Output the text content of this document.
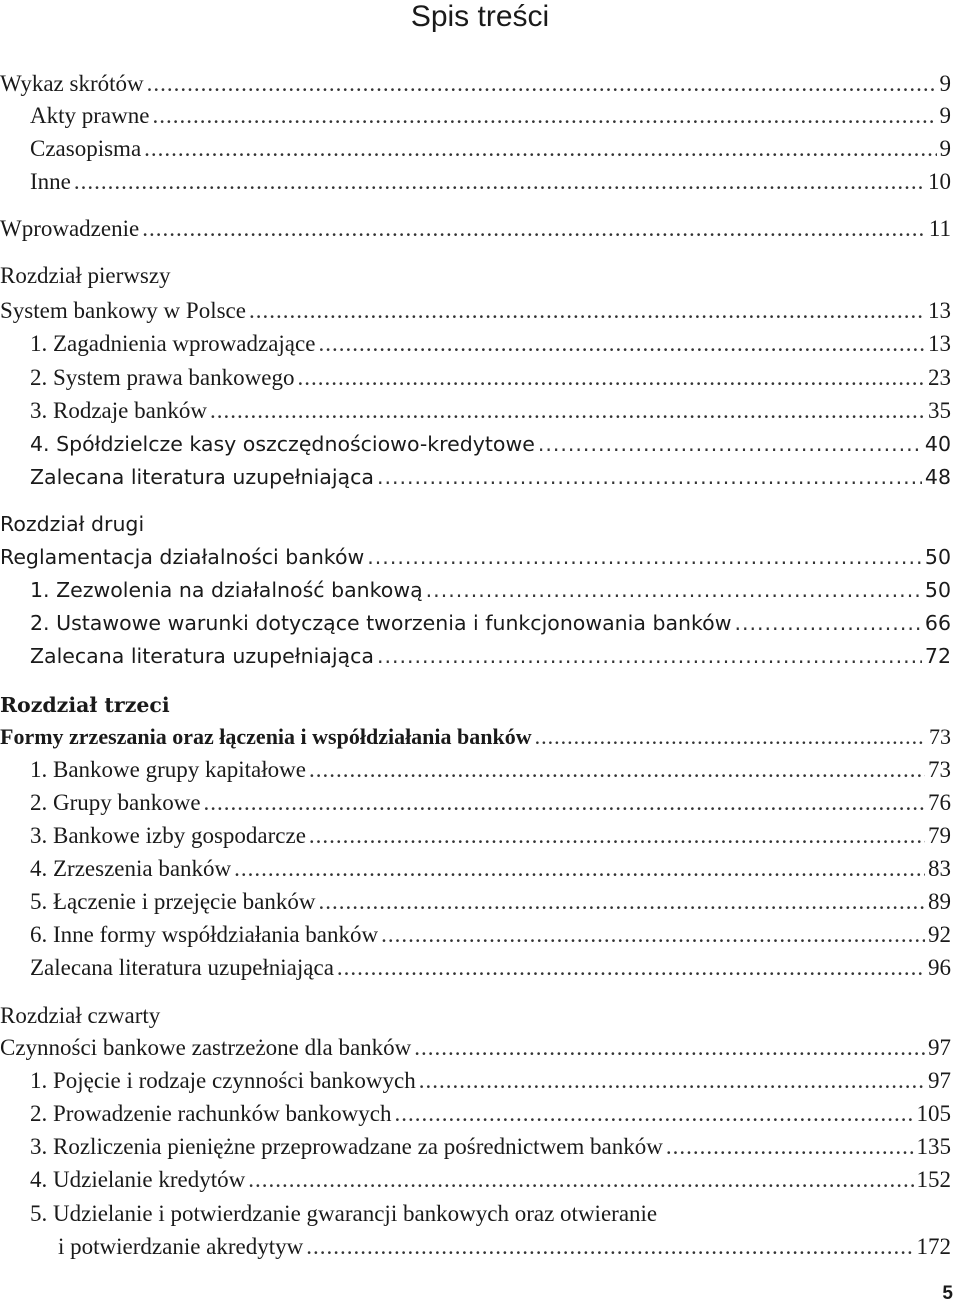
Spis treści
Wykaz skrótów .....	9
Akty prawne .....	9
Czasopisma .....	9
Inne .....	10
Wprowadzenie .....	11
Rozdział pierwszy
System bankowy w Polsce .....	13
1. Zagadnienia wprowadzające .....	13
2. System prawa bankowego .....	23
3. Rodzaje banków .....	35
4. Spółdzielcze kasy oszczędnościowo-kredytowe .....	40
Zalecana literatura uzupełniająca .....	48
Rozdział drugi
Reglamentacja działalności banków .....	50
1. Zezwolenia na działalność bankową .....	50
2. Ustawowe warunki dotyczące tworzenia i funkcjonowania banków .....	66
Zalecana literatura uzupełniająca .....	72
Rozdział trzeci
Formy zrzeszania oraz łączenia i współdziałania banków .....	73
1. Bankowe grupy kapitałowe .....	73
2. Grupy bankowe .....	76
3. Bankowe izby gospodarcze .....	79
4. Zrzeszenia banków .....	83
5. Łączenie i przejęcie banków .....	89
6. Inne formy współdziałania banków .....	92
Zalecana literatura uzupełniająca .....	96
Rozdział czwarty
Czynności bankowe zastrzeżone dla banków .....	97
1. Pojęcie i rodzaje czynności bankowych .....	97
2. Prowadzenie rachunków bankowych .....	105
3. Rozliczenia pieniężne przeprowadzane za pośrednictwem banków .....	135
4. Udzielanie kredytów .....	152
5. Udzielanie i potwierdzanie gwarancji bankowych oraz otwieranie
i potwierdzanie akredytyw .....	172
5
